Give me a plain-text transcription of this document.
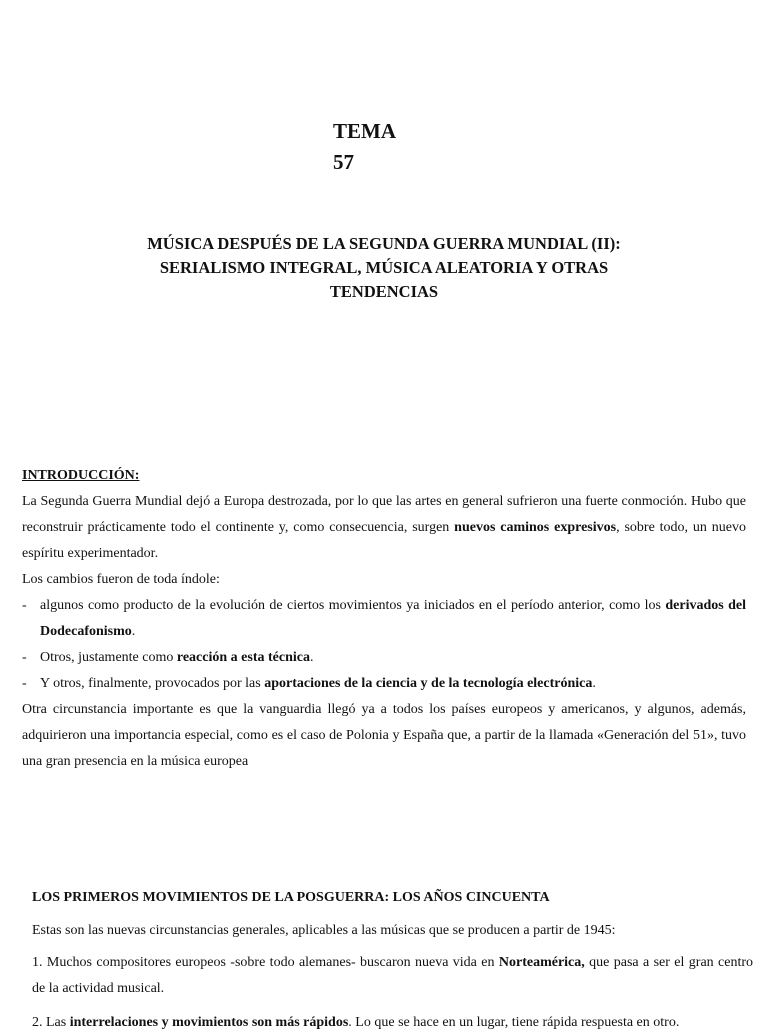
TEMA
57
MÚSICA DESPUÉS DE LA SEGUNDA GUERRA MUNDIAL (II):
SERIALISMO INTEGRAL, MÚSICA ALEATORIA Y OTRAS
TENDENCIAS
INTRODUCCIÓN:
La Segunda Guerra Mundial dejó a Europa destrozada, por lo que las artes en general sufrieron una fuerte conmoción. Hubo que reconstruir prácticamente todo el continente y, como consecuencia, surgen nuevos caminos expresivos, sobre todo, un nuevo espíritu experimentador.
Los cambios fueron de toda índole:
- algunos como producto de la evolución de ciertos movimientos ya iniciados en el período anterior, como los derivados del Dodecafonismo.
- Otros, justamente como reacción a esta técnica.
- Y otros, finalmente, provocados por las aportaciones de la ciencia y de la tecnología electrónica.
Otra circunstancia importante es que la vanguardia llegó ya a todos los países europeos y americanos, y algunos, además, adquirieron una importancia especial, como es el caso de Polonia y España que, a partir de la llamada «Generación del 51», tuvo una gran presencia en la música europea
LOS PRIMEROS MOVIMIENTOS DE LA POSGUERRA: LOS AÑOS CINCUENTA
Estas son las nuevas circunstancias generales, aplicables a las músicas que se producen a partir de 1945:
1. Muchos compositores europeos -sobre todo alemanes- buscaron nueva vida en Norteamérica, que pasa a ser el gran centro de la actividad musical.
2. Las interrelaciones y movimientos son más rápidos. Lo que se hace en un lugar, tiene rápida respuesta en otro.
